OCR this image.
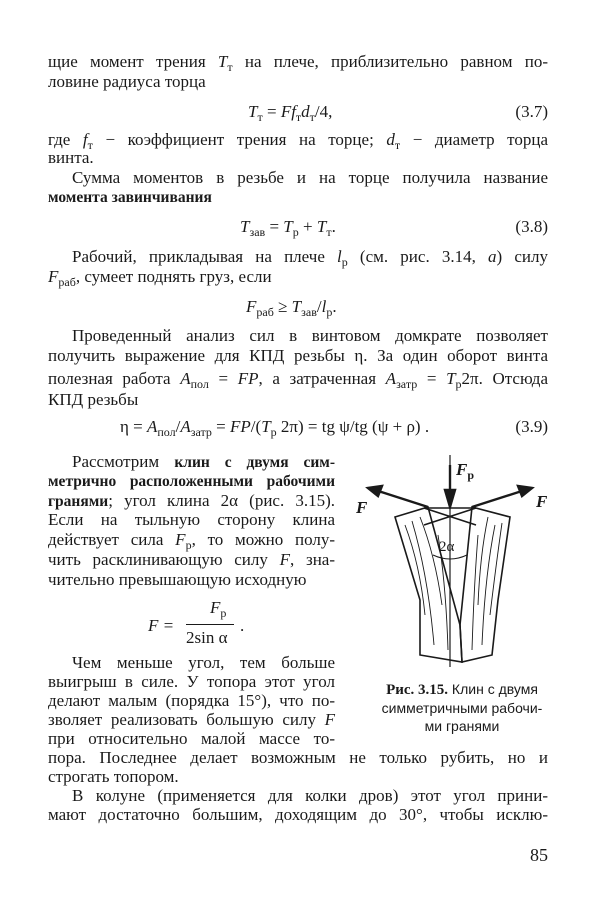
щие момент трения $T_т$ на плече, приблизительно равном по-
ловине радиуса торца
где $f_т$ − коэффициент трения на торце; $d_т$ − диаметр торца
винта.
Сумма моментов в резьбе и на торце получила название
момента завинчивания
Рабочий, прикладывая на плече $l_р$ (см. рис. 3.14, а) силу
$F_{раб}$, сумеет поднять груз, если
Проведенный анализ сил в винтовом домкрате позволяет
получить выражение для КПД резьбы η. За один оборот винта
полезная работа $A_{пол}$ = FP, а затраченная $A_{затр} = T_р2\pi$. Отсюда
КПД резьбы
Рассмотрим клин с двумя сим-
метрично расположенными рабочими
гранями; угол клина 2α (рис. 3.15).
Если на тыльную сторону клина
действует сила $F_р$, то можно полу-
чить расклинивающую силу F, зна-
чительно превышающую исходную
Чем меньше угол, тем больше
выигрыш в силе. У топора этот угол
делают малым (порядка 15°), что по-
зволяет реализовать большую силу F
при относительно малой массе то-
пора. Последнее делает возможным не только рубить, но и
строгать топором.
В колуне (применяется для колки дров) этот угол прини-
мают достаточно большим, доходящим до 30°, чтобы исклю-
$T_т = Ff_тd_т/4$,	(3.7)
$T_{зав} = T_р + T_т$.	(3.8)
$F_{раб} \ge T_{зав}/l_р$.
$\eta = A_{пол}/A_{затр} = FP/(T_р$ 2π) = tg ψ/tg (ψ + ρ) .	(3.9)
F =
$F_р$
2sin α
.
$F_р$
F	F
2α
Рис. 3.15. Клин с двумя
симметричными рабочи-
ми гранями
85
